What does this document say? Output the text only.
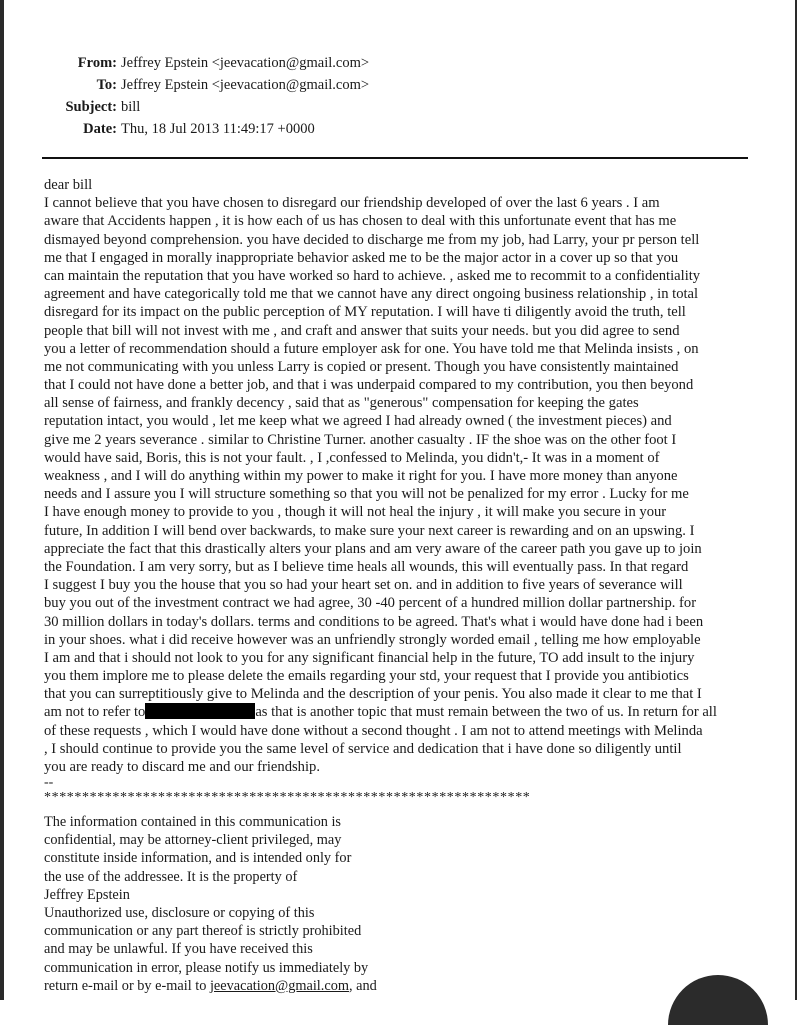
From: Jeffrey Epstein <jeevacation@gmail.com>
To: Jeffrey Epstein <jeevacation@gmail.com>
Subject: bill
Date: Thu, 18 Jul 2013 11:49:17 +0000
dear bill
I cannot believe that you have chosen to disregard our friendship developed of over the last 6 years . I am
aware that Accidents happen , it is how each of us has chosen to deal with this unfortunate event that has me
dismayed beyond comprehension. you have decided to discharge me from my job, had Larry, your pr person tell
me that I engaged in morally inappropriate behavior asked me to be the major actor in a cover up so that you
can maintain the reputation that you have worked so hard to achieve. , asked me to recommit to a confidentiality
agreement and have categorically told me that we cannot have any direct ongoing business relationship , in total
disregard for its impact on the public perception of MY reputation. I will have ti diligently avoid the truth, tell
people that bill will not invest with me , and craft and answer that suits your needs. but you did agree to send
you a letter of recommendation should a future employer ask for one. You have told me that Melinda insists , on
me not communicating with you unless Larry is copied or present. Though you have consistently maintained
that I could not have done a better job, and that i was underpaid compared to my contribution, you then beyond
all sense of fairness, and frankly decency , said that as "generous" compensation for keeping the gates
reputation intact, you would , let me keep what we agreed I had already owned ( the investment pieces) and
give me 2 years severance . similar to Christine Turner. another casualty . IF the shoe was on the other foot I
would have said, Boris, this is not your fault. , I ,confessed to Melinda, you didn't,- It was in a moment of
weakness , and I will do anything within my power to make it right for you. I have more money than anyone
needs and I assure you I will structure something so that you will not be penalized for my error . Lucky for me
I have enough money to provide to you , though it will not heal the injury , it will make you secure in your
future, In addition I will bend over backwards, to make sure your next career is rewarding and on an upswing. I
appreciate the fact that this drastically alters your plans and am very aware of the career path you gave up to join
the Foundation. I am very sorry, but as I believe time heals all wounds, this will eventually pass. In that regard
I suggest I buy you the house that you so had your heart set on. and in addition to five years of severance will
buy you out of the investment contract we had agree, 30 -40 percent of a hundred million dollar partnership. for
30 million dollars in today's dollars. terms and conditions to be agreed. That's what i would have done had i been
in your shoes. what i did receive however was an unfriendly strongly worded email , telling me how employable
I am and that i should not look to you for any significant financial help in the future, TO add insult to the injury
you them implore me to please delete the emails regarding your std, your request that I provide you antibiotics
that you can surreptitiously give to Melinda and the description of your penis. You also made it clear to me that I
am not to refer to	as that is another topic that must remain between the two of us. In return for all
of these requests , which I would have done without a second thought . I am not to attend meetings with Melinda
, I should continue to provide you the same level of service and dedication that i have done so diligently until
you are ready to discard me and our friendship.
--
****************************************************************
The information contained in this communication is
confidential, may be attorney-client privileged, may
constitute inside information, and is intended only for
the use of the addressee. It is the property of
Jeffrey Epstein
Unauthorized use, disclosure or copying of this
communication or any part thereof is strictly prohibited
and may be unlawful. If you have received this
communication in error, please notify us immediately by
return e-mail or by e-mail to jeevacation@gmail.com, and
